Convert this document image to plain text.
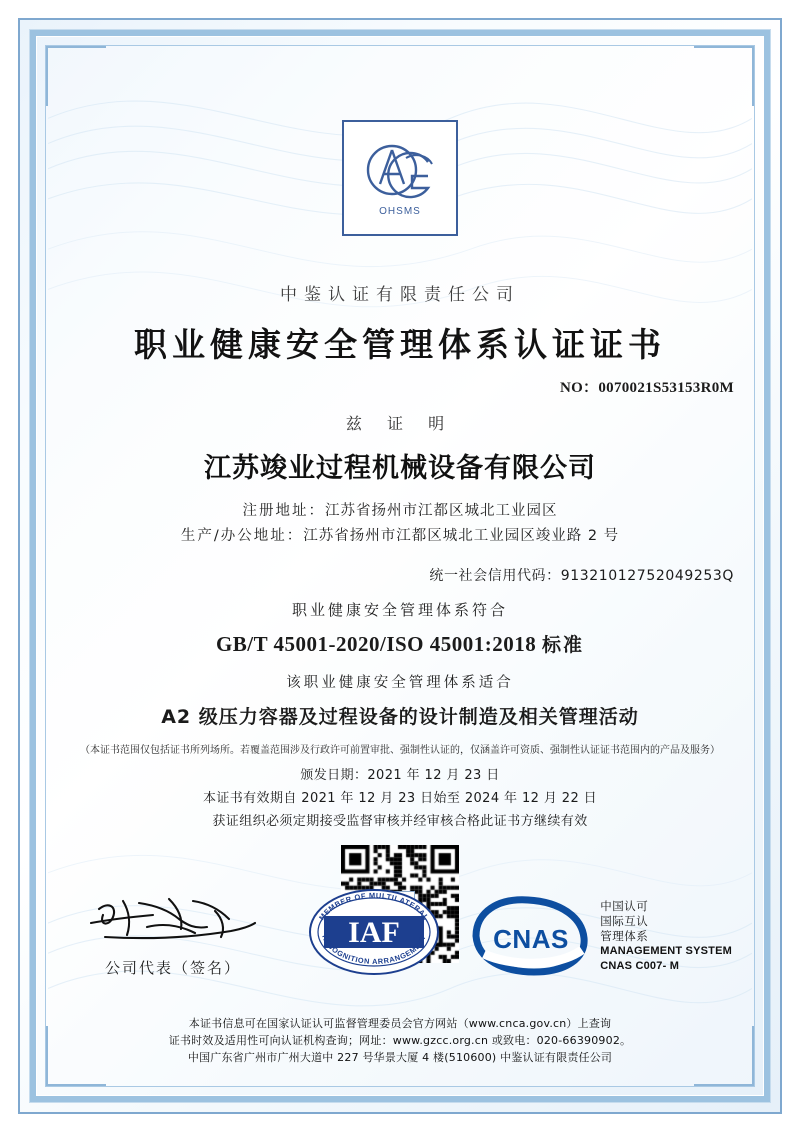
OHSMS
中鉴认证有限责任公司
职业健康安全管理体系认证证书
NO：0070021S53153R0M
兹 证 明
江苏竣业过程机械设备有限公司
注册地址：江苏省扬州市江都区城北工业园区
生产/办公地址：江苏省扬州市江都区城北工业园区竣业路 2 号
统一社会信用代码：91321012752049253Q
职业健康安全管理体系符合
GB/T 45001-2020/ISO 45001:2018 标准
该职业健康安全管理体系适合
A2 级压力容器及过程设备的设计制造及相关管理活动
（本证书范围仅包括证书所列场所。若覆盖范围涉及行政许可前置审批、强制性认证的，仅涵盖许可资质、强制性认证证书范围内的产品及服务）
颁发日期：2021 年 12 月 23 日
本证书有效期自 2021 年 12 月 23 日始至 2024 年 12 月 22 日
获证组织必须定期接受监督审核并经审核合格此证书方继续有效
公司代表（签名）
IAF
MEMBER OF MULTILATERAL
RECOGNITION ARRANGEMENT	CNAS
中国认可
国际互认
管理体系
MANAGEMENT SYSTEM
CNAS C007- M
本证书信息可在国家认证认可监督管理委员会官方网站（www.cnca.gov.cn）上查询
证书时效及适用性可向认证机构查询；网址：www.gzcc.org.cn 或致电：020-66390902。
中国广东省广州市广州大道中 227 号华景大厦 4 楼(510600) 中鉴认证有限责任公司
